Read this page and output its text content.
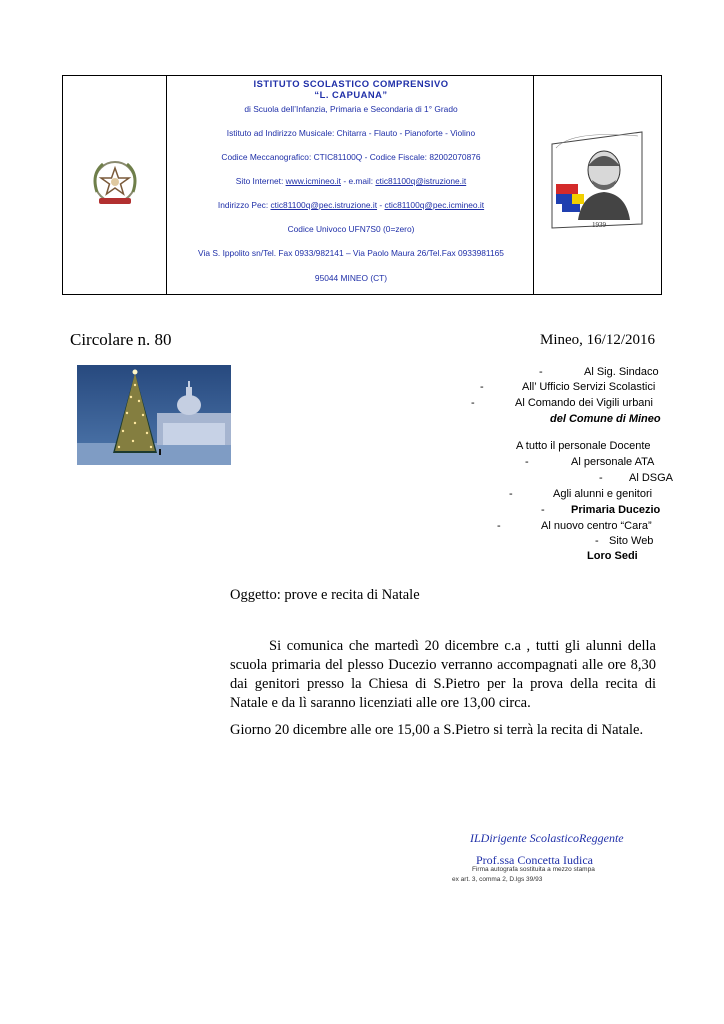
ISTITUTO SCOLASTICO COMPRENSIVO
“L. CAPUANA”
di Scuola dell’Infanzia, Primaria e Secondaria di 1° Grado
Istituto ad Indirizzo Musicale: Chitarra - Flauto - Pianoforte - Violino
Codice Meccanografico: CTIC81100Q - Codice Fiscale: 82002070876
Sito Internet: www.icmineo.it - e.mail: ctic81100q@istruzione.it
Indirizzo Pec: ctic81100q@pec.istruzione.it - ctic81100q@pec.icmineo.it
Codice Univoco UFN7S0 (0=zero)
Via S. Ippolito sn/Tel. Fax 0933/982141 – Via Paolo Maura 26/Tel.Fax 0933981165
95044 MINEO (CT)
1939
Circolare n. 80	Mineo, 16/12/2016
-	Al Sig. Sindaco
-	All’ Ufficio Servizi Scolastici
-	Al Comando dei Vigili urbani
del Comune di Mineo
A tutto il personale Docente
-	Al personale ATA
- Al DSGA
-	Agli alunni e genitori
- Primaria Ducezio
-	Al nuovo centro “Cara”
- Sito Web
Loro Sedi
Oggetto: prove e recita di Natale
Si comunica che martedì 20 dicembre c.a , tutti gli alunni della
scuola primaria del plesso Ducezio verranno accompagnati alle ore 8,30
dai genitori presso la Chiesa di S.Pietro per la prova della recita di
Natale e da lì saranno licenziati alle ore 13,00 circa.
Giorno 20 dicembre alle ore 15,00 a S.Pietro si terrà la recita di Natale.
ILDirigente ScolasticoReggente
Prof.ssa Concetta Iudica
Firma autografa sostituita a mezzo stampa
ex art. 3, comma 2, D.lgs 39/93
